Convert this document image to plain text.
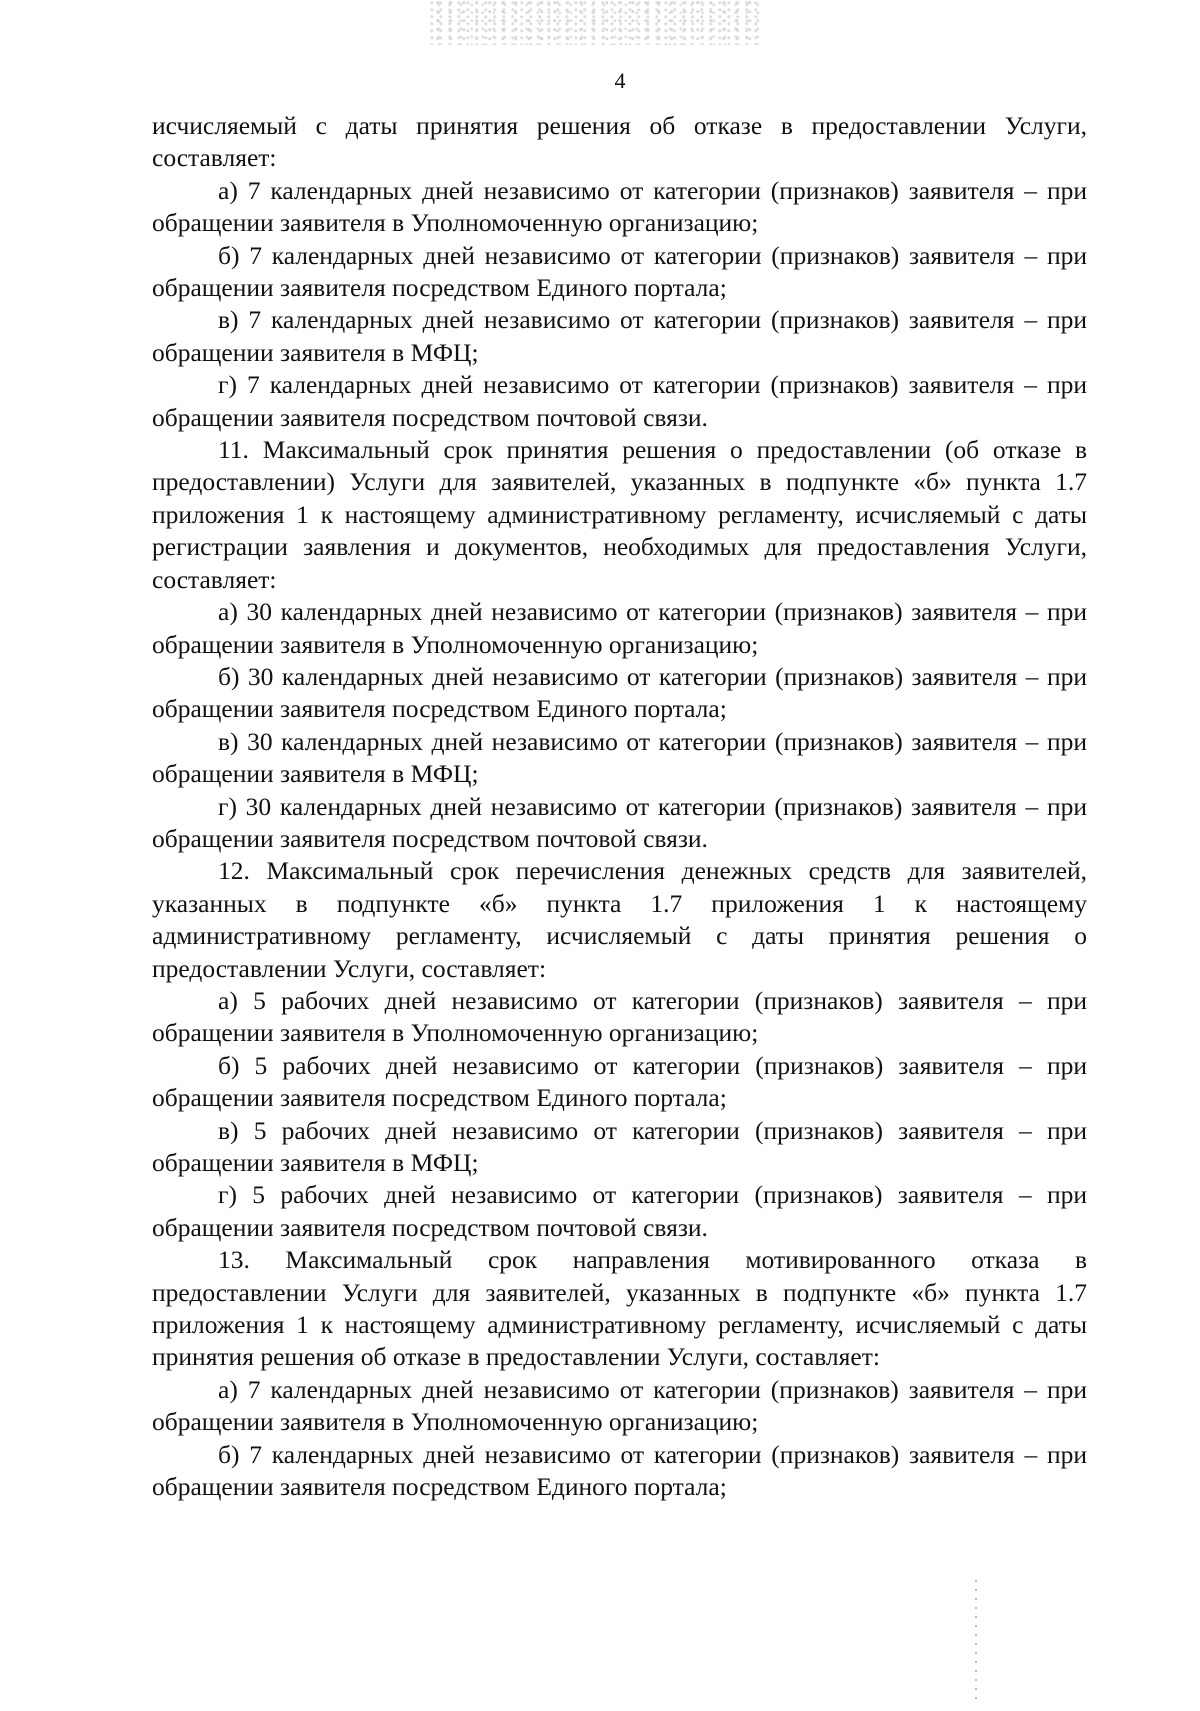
4

исчисляемый с даты принятия решения об отказе в предоставлении Услуги, составляет:

а) 7 календарных дней независимо от категории (признаков) заявителя – при обращении заявителя в Уполномоченную организацию;

б) 7 календарных дней независимо от категории (признаков) заявителя – при обращении заявителя посредством Единого портала;

в) 7 календарных дней независимо от категории (признаков) заявителя – при обращении заявителя в МФЦ;

г) 7 календарных дней независимо от категории (признаков) заявителя – при обращении заявителя посредством почтовой связи.

11. Максимальный срок принятия решения о предоставлении (об отказе в предоставлении) Услуги для заявителей, указанных в подпункте «б» пункта 1.7 приложения 1 к настоящему административному регламенту, исчисляемый с даты регистрации заявления и документов, необходимых для предоставления Услуги, составляет:

а) 30 календарных дней независимо от категории (признаков) заявителя – при обращении заявителя в Уполномоченную организацию;

б) 30 календарных дней независимо от категории (признаков) заявителя – при обращении заявителя посредством Единого портала;

в) 30 календарных дней независимо от категории (признаков) заявителя – при обращении заявителя в МФЦ;

г) 30 календарных дней независимо от категории (признаков) заявителя – при обращении заявителя посредством почтовой связи.

12. Максимальный срок перечисления денежных средств для заявителей, указанных в подпункте «б» пункта 1.7 приложения 1 к настоящему административному регламенту, исчисляемый с даты принятия решения о предоставлении Услуги, составляет:

а) 5 рабочих дней независимо от категории (признаков) заявителя – при обращении заявителя в Уполномоченную организацию;

б) 5 рабочих дней независимо от категории (признаков) заявителя – при обращении заявителя посредством Единого портала;

в) 5 рабочих дней независимо от категории (признаков) заявителя – при обращении заявителя в МФЦ;

г) 5 рабочих дней независимо от категории (признаков) заявителя – при обращении заявителя посредством почтовой связи.

13. Максимальный срок направления мотивированного отказа в предоставлении Услуги для заявителей, указанных в подпункте «б» пункта 1.7 приложения 1 к настоящему административному регламенту, исчисляемый с даты принятия решения об отказе в предоставлении Услуги, составляет:

а) 7 календарных дней независимо от категории (признаков) заявителя – при обращении заявителя в Уполномоченную организацию;

б) 7 календарных дней независимо от категории (признаков) заявителя – при обращении заявителя посредством Единого портала;
